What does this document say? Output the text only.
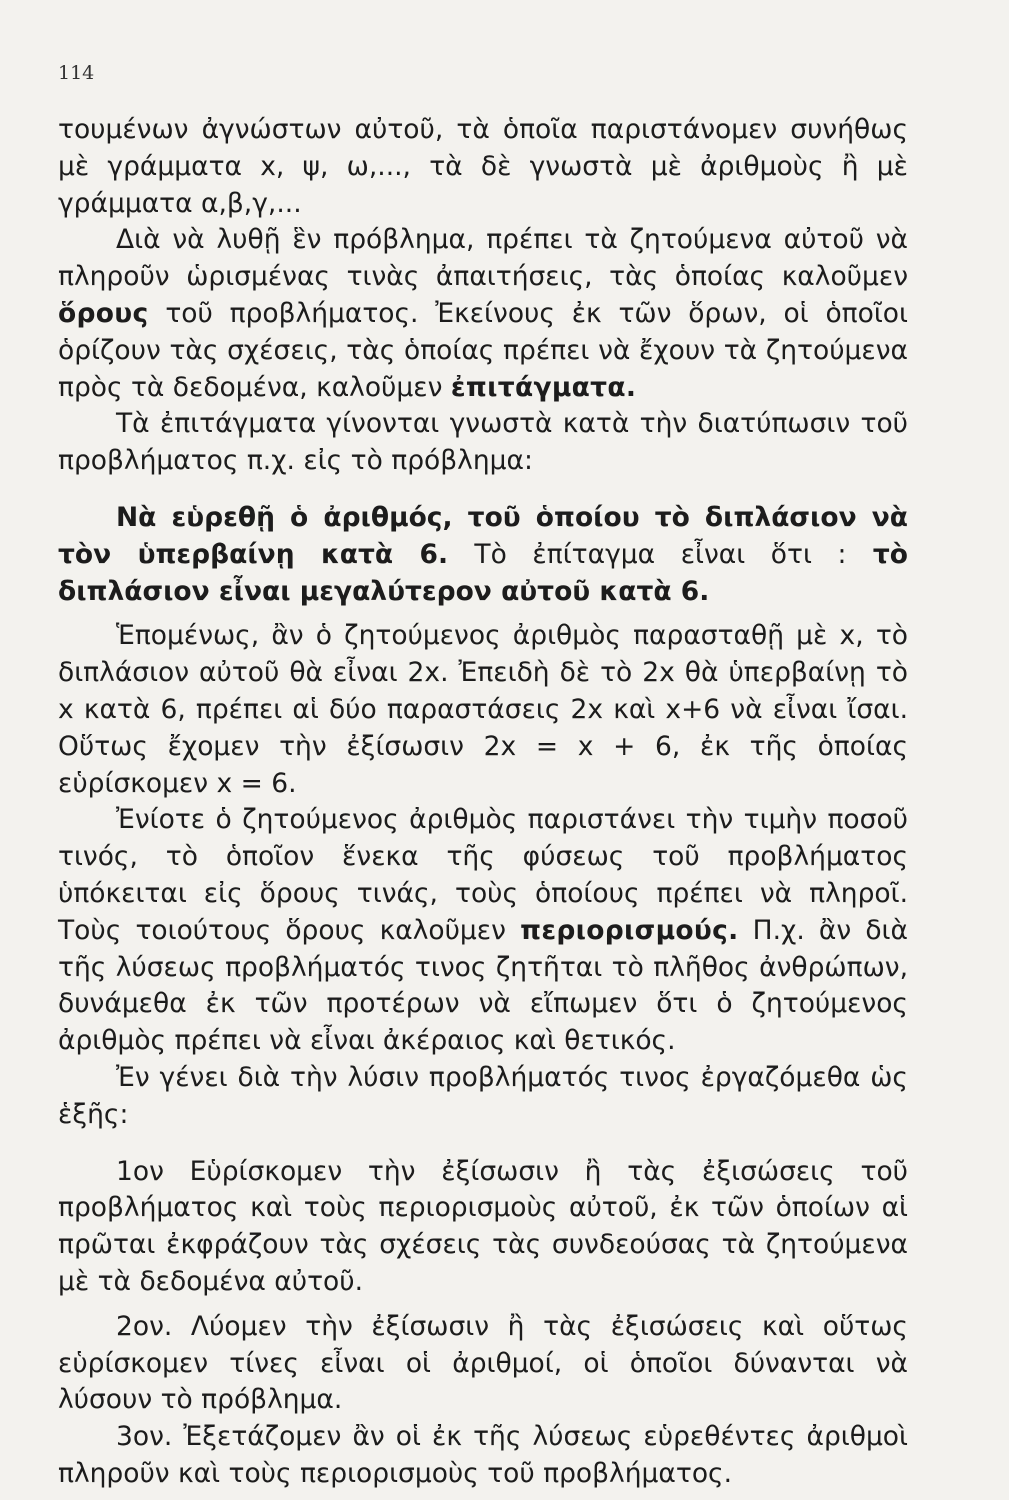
114

τουμένων ἀγνώστων αὐτοῦ, τὰ ὁποῖα παριστάνομεν συνήθως μὲ γράμματα x, ψ, ω,..., τὰ δὲ γνωστὰ μὲ ἀριθμοὺς ἢ μὲ γράμματα α,β,γ,...

Διὰ νὰ λυθῇ ἓν πρόβλημα, πρέπει τὰ ζητούμενα αὐτοῦ νὰ πληροῦν ὡρισμένας τινὰς ἀπαιτήσεις, τὰς ὁποίας καλοῦμεν ὅρους τοῦ προβλήματος. Ἐκείνους ἐκ τῶν ὅρων, οἱ ὁποῖοι ὁρίζουν τὰς σχέσεις, τὰς ὁποίας πρέπει νὰ ἔχουν τὰ ζητούμενα πρὸς τὰ δεδομένα, καλοῦμεν ἐπιτάγματα.

Τὰ ἐπιτάγματα γίνονται γνωστὰ κατὰ τὴν διατύπωσιν τοῦ προβλήματος π.χ. εἰς τὸ πρόβλημα:

Νὰ εὑρεθῇ ὁ ἀριθμός, τοῦ ὁποίου τὸ διπλάσιον νὰ τὸν ὑπερβαίνῃ κατὰ 6. Τὸ ἐπίταγμα εἶναι ὅτι : τὸ διπλάσιον εἶναι μεγαλύτερον αὐτοῦ κατὰ 6.

Ἑπομένως, ἂν ὁ ζητούμενος ἀριθμὸς παρασταθῇ μὲ x, τὸ διπλάσιον αὐτοῦ θὰ εἶναι 2x. Ἐπειδὴ δὲ τὸ 2x θὰ ὑπερβαίνῃ τὸ x κατὰ 6, πρέπει αἱ δύο παραστάσεις 2x καὶ x+6 νὰ εἶναι ἴσαι. Οὕτως ἔχομεν τὴν ἐξίσωσιν 2x = x + 6, ἐκ τῆς ὁποίας εὑρίσκομεν x = 6.

Ἐνίοτε ὁ ζητούμενος ἀριθμὸς παριστάνει τὴν τιμὴν ποσοῦ τινός, τὸ ὁποῖον ἕνεκα τῆς φύσεως τοῦ προβλήματος ὑπόκειται εἰς ὅρους τινάς, τοὺς ὁποίους πρέπει νὰ πληροῖ. Τοὺς τοιούτους ὅρους καλοῦμεν περιορισμούς. Π.χ. ἂν διὰ τῆς λύσεως προβλήματός τινος ζητῆται τὸ πλῆθος ἀνθρώπων, δυνάμεθα ἐκ τῶν προτέρων νὰ εἴπωμεν ὅτι ὁ ζητούμενος ἀριθμὸς πρέπει νὰ εἶναι ἀκέραιος καὶ θετικός.

Ἐν γένει διὰ τὴν λύσιν προβλήματός τινος ἐργαζόμεθα ὡς ἑξῆς:

1ον Εὑρίσκομεν τὴν ἐξίσωσιν ἢ τὰς ἐξισώσεις τοῦ προβλήματος καὶ τοὺς περιορισμοὺς αὐτοῦ, ἐκ τῶν ὁποίων αἱ πρῶται ἐκφράζουν τὰς σχέσεις τὰς συνδεούσας τὰ ζητούμενα μὲ τὰ δεδομένα αὐτοῦ.

2ον. Λύομεν τὴν ἐξίσωσιν ἢ τὰς ἐξισώσεις καὶ οὕτως εὑρίσκομεν τίνες εἶναι οἱ ἀριθμοί, οἱ ὁποῖοι δύνανται νὰ λύσουν τὸ πρόβλημα.

3ον. Ἐξετάζομεν ἂν οἱ ἐκ τῆς λύσεως εὑρεθέντες ἀριθμοὶ πληροῦν καὶ τοὺς περιορισμοὺς τοῦ προβλήματος.
